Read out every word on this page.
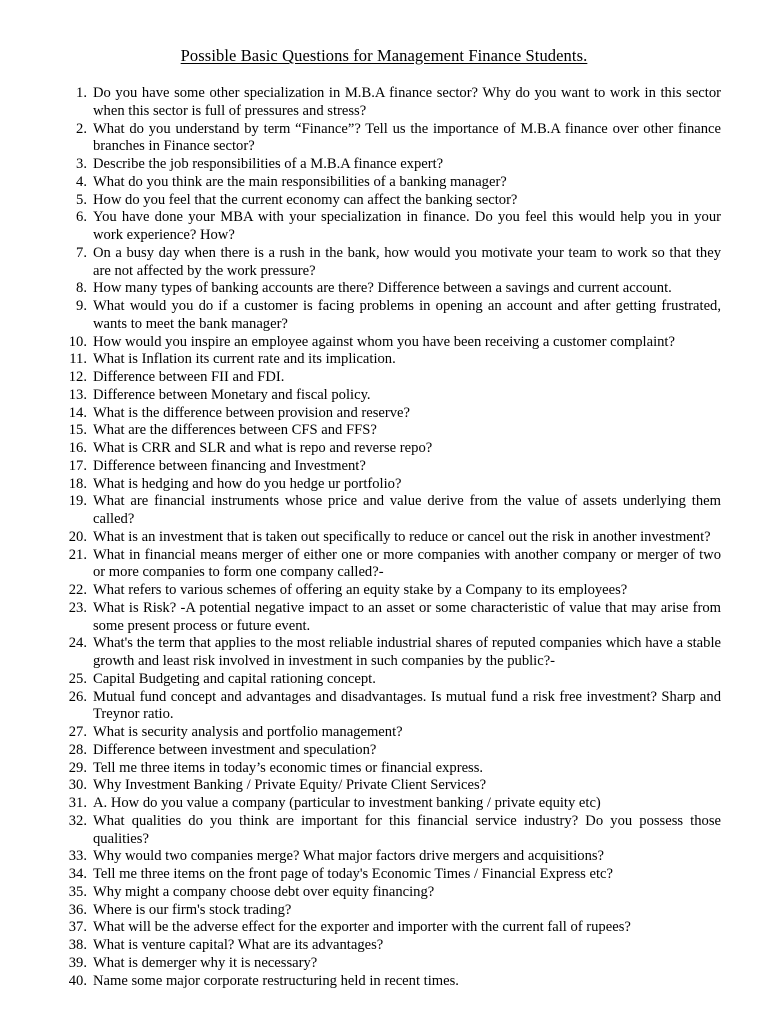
Possible Basic Questions for Management Finance Students.
1. Do you have some other specialization in M.B.A finance sector? Why do you want to work in this sector when this sector is full of pressures and stress?
2. What do you understand by term “Finance”? Tell us the importance of M.B.A finance over other finance branches in Finance sector?
3. Describe the job responsibilities of a M.B.A finance expert?
4. What do you think are the main responsibilities of a banking manager?
5. How do you feel that the current economy can affect the banking sector?
6. You have done your MBA with your specialization in finance. Do you feel this would help you in your work experience? How?
7. On a busy day when there is a rush in the bank, how would you motivate your team to work so that they are not affected by the work pressure?
8. How many types of banking accounts are there? Difference between a savings and current account.
9. What would you do if a customer is facing problems in opening an account and after getting frustrated, wants to meet the bank manager?
10. How would you inspire an employee against whom you have been receiving a customer complaint?
11. What is Inflation its current rate and its implication.
12. Difference between FII and FDI.
13. Difference between Monetary and fiscal policy.
14. What is the difference between provision and reserve?
15. What are the differences between CFS and FFS?
16. What is CRR and SLR and what is repo and reverse repo?
17. Difference between financing and Investment?
18. What is hedging and how do you hedge ur portfolio?
19. What are financial instruments whose price and value derive from the value of assets underlying them called?
20. What is an investment that is taken out specifically to reduce or cancel out the risk in another investment?
21. What in financial means merger of either one or more companies with another company or merger of two or more companies to form one company called?-
22. What refers to various schemes of offering an equity stake by a Company to its employees?
23. What is Risk? -A potential negative impact to an asset or some characteristic of value that may arise from some present process or future event.
24. What's the term that applies to the most reliable industrial shares of reputed companies which have a stable growth and least risk involved in investment in such companies by the public?-
25. Capital Budgeting and capital rationing concept.
26. Mutual fund concept and advantages and disadvantages. Is mutual fund a risk free investment? Sharp and Treynor ratio.
27. What is security analysis and portfolio management?
28. Difference between investment and speculation?
29. Tell me three items in today’s economic times or financial express.
30. Why Investment Banking / Private Equity/ Private Client Services?
31. A. How do you value a company (particular to investment banking / private equity etc)
32. What qualities do you think are important for this financial service industry? Do you possess those qualities?
33. Why would two companies merge? What major factors drive mergers and acquisitions?
34. Tell me three items on the front page of today's Economic Times / Financial Express etc?
35. Why might a company choose debt over equity financing?
36. Where is our firm's stock trading?
37. What will be the adverse effect for the exporter and importer with the current fall of rupees?
38. What is venture capital? What are its advantages?
39. What is demerger why it is necessary?
40. Name some major corporate restructuring held in recent times.
